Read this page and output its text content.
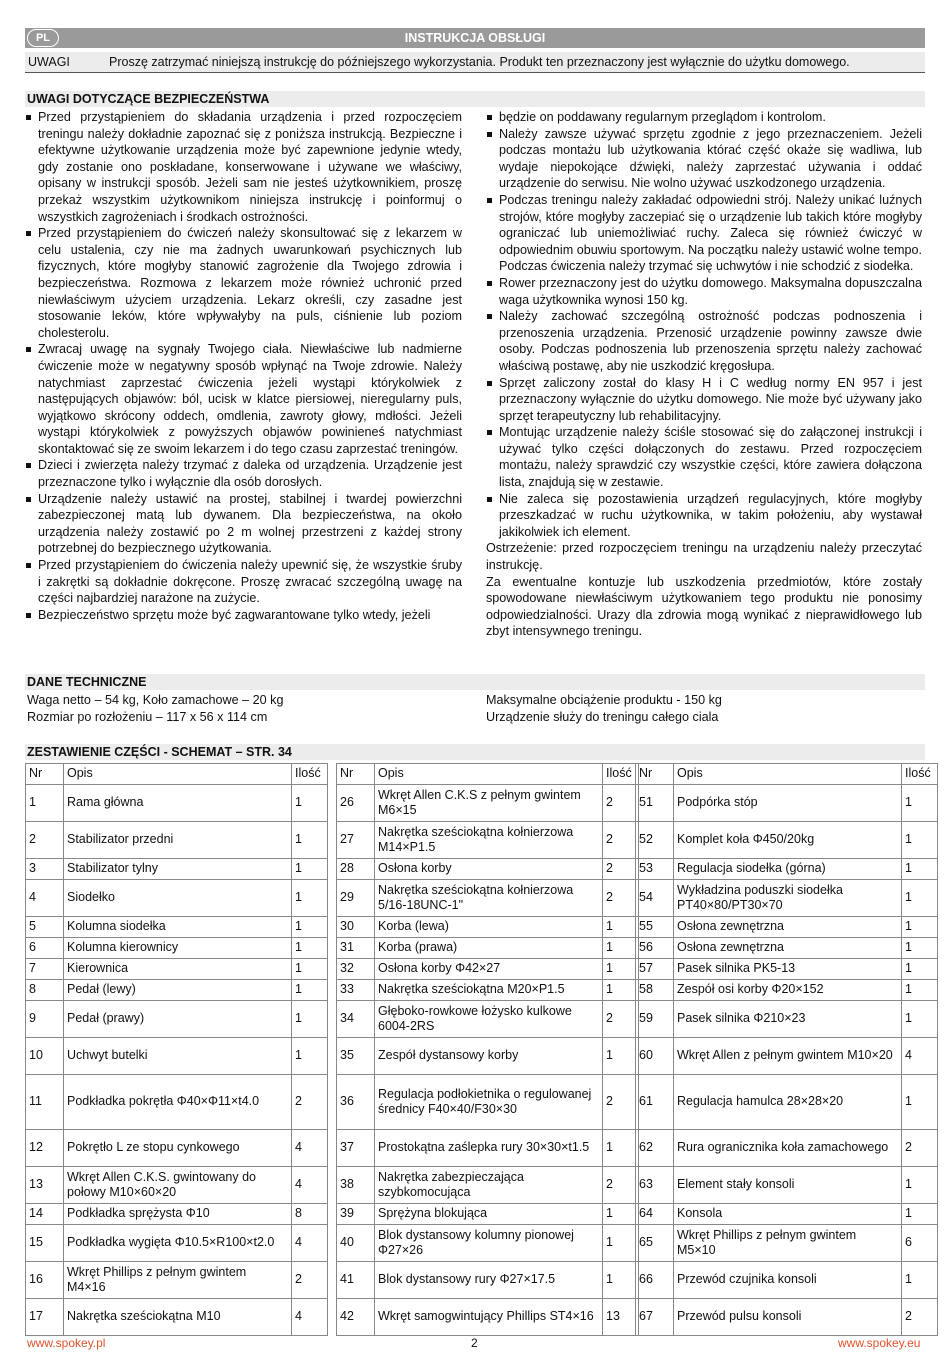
PL	INSTRUKCJA OBSŁUGI
UWAGI	Proszę zatrzymać niniejszą instrukcję do późniejszego wykorzystania. Produkt ten przeznaczony jest wyłącznie do użytku domowego.
UWAGI DOTYCZĄCE BEZPIECZEŃSTWA
Przed przystąpieniem do składania urządzenia i przed rozpoczęciem treningu należy dokładnie zapoznać się z poniższa instrukcją. Bezpieczne i efektywne użytkowanie urządzenia może być zapewnione jedynie wtedy, gdy zostanie ono poskładane, konserwowane i używane we właściwy, opisany w instrukcji sposób. Jeżeli sam nie jesteś użytkownikiem, proszę przekaż wszystkim użytkownikom niniejsza instrukcję i poinformuj o wszystkich zagrożeniach i środkach ostrożności.
Przed przystąpieniem do ćwiczeń należy skonsultować się z lekarzem w celu ustalenia, czy nie ma żadnych uwarunkowań psychicznych lub fizycznych, które mogłyby stanowić zagrożenie dla Twojego zdrowia i bezpieczeństwa. Rozmowa z lekarzem może również uchronić przed niewłaściwym użyciem urządzenia. Lekarz określi, czy zasadne jest stosowanie leków, które wpływałyby na puls, ciśnienie lub poziom cholesterolu.
Zwracaj uwagę na sygnały Twojego ciała. Niewłaściwe lub nadmierne ćwiczenie może w negatywny sposób wpłynąć na Twoje zdrowie. Należy natychmiast zaprzestać ćwiczenia jeżeli wystąpi którykolwiek z następujących objawów: ból, ucisk w klatce piersiowej, nieregularny puls, wyjątkowo skrócony oddech, omdlenia, zawroty głowy, mdłości. Jeżeli wystąpi którykolwiek z powyższych objawów powinieneś natychmiast skontaktować się ze swoim lekarzem i do tego czasu zaprzestać treningów.
Dzieci i zwierzęta należy trzymać z daleka od urządzenia. Urządzenie jest przeznaczone tylko i wyłącznie dla osób dorosłych.
Urządzenie należy ustawić na prostej, stabilnej i twardej powierzchni zabezpieczonej matą lub dywanem. Dla bezpieczeństwa, na około urządzenia należy zostawić po 2 m wolnej przestrzeni z każdej strony potrzebnej do bezpiecznego użytkowania.
Przed przystąpieniem do ćwiczenia należy upewnić się, że wszystkie śruby i zakrętki są dokładnie dokręcone. Proszę zwracać szczególną uwagę na części najbardziej narażone na zużycie.
Bezpieczeństwo sprzętu może być zagwarantowane tylko wtedy, jeżeli
będzie on poddawany regularnym przeglądom i kontrolom.
Należy zawsze używać sprzętu zgodnie z jego przeznaczeniem. Jeżeli podczas montażu lub użytkowania którać część okaże się wadliwa, lub wydaje niepokojące dźwięki, należy zaprzestać używania i oddać urządzenie do serwisu. Nie wolno używać uszkodzonego urządzenia.
Podczas treningu należy zakładać odpowiedni strój. Należy unikać luźnych strojów, które mogłyby zaczepiać się o urządzenie lub takich które mogłyby ograniczać lub uniemożliwiać ruchy. Zaleca się również ćwiczyć w odpowiednim obuwiu sportowym. Na początku należy ustawić wolne tempo. Podczas ćwiczenia należy trzymać się uchwytów i nie schodzić z siodełka.
Rower przeznaczony jest do użytku domowego. Maksymalna dopuszczalna waga użytkownika wynosi 150 kg.
Należy zachować szczególną ostrożność podczas podnoszenia i przenoszenia urządzenia. Przenosić urządzenie powinny zawsze dwie osoby. Podczas podnoszenia lub przenoszenia sprzętu należy zachować właściwą postawę, aby nie uszkodzić kręgosłupa.
Sprzęt zaliczony został do klasy H i C według normy EN 957 i jest przeznaczony wyłącznie do użytku domowego. Nie może być używany jako sprzęt terapeutyczny lub rehabilitacyjny.
Montując urządzenie należy ściśle stosować się do załączonej instrukcji i używać tylko części dołączonych do zestawu. Przed rozpoczęciem montażu, należy sprawdzić czy wszystkie części, które zawiera dołączona lista, znajdują się w zestawie.
Nie zaleca się pozostawienia urządzeń regulacyjnych, które mogłyby przeszkadzać w ruchu użytkownika, w takim położeniu, aby wystawał jakikolwiek ich element.

Ostrzeżenie: przed rozpoczęciem treningu na urządzeniu należy przeczytać instrukcję.

Za ewentualne kontuzje lub uszkodzenia przedmiotów, które zostały spowodowane niewłaściwym użytkowaniem tego produktu nie ponosimy odpowiedzialności. Urazy dla zdrowia mogą wynikać z nieprawidłowego lub zbyt intensywnego treningu.

DANE TECHNICZNE
Waga netto – 54 kg, Koło zamachowe – 20 kg
Rozmiar po rozłożeniu – 117 x 56 x 114 cm
Maksymalne obciążenie produktu - 150 kg
Urządzenie służy do treningu całego ciala
ZESTAWIENIE CZĘŚCI - SCHEMAT – STR. 34
Nr	Opis	Ilość
1	Rama główna	1
2	Stabilizator przedni	1
3	Stabilizator tylny	1
4	Siodełko	1
5	Kolumna siodełka	1
6	Kolumna kierownicy	1
7	Kierownica	1
8	Pedał (lewy)	1
9	Pedał (prawy)	1
10	Uchwyt butelki	1
11	Podkładka pokrętła Φ40×Φ11×t4.0	2
12	Pokrętło L ze stopu cynkowego	4
13	Wkręt Allen C.K.S. gwintowany do połowy M10×60×20	4
14	Podkładka sprężysta Φ10	8
15	Podkładka wygięta Φ10.5×R100×t2.0	4
16	Wkręt Phillips z pełnym gwintem M4×16	2
17	Nakrętka sześciokątna M10	4
Nr	Opis	Ilość
26	Wkręt Allen C.K.S z pełnym gwintem M6×15	2
27	Nakrętka sześciokątna kołnierzowa M14×P1.5	2
28	Osłona korby	2
29	Nakrętka sześciokątna kołnierzowa 5/16-18UNC-1"	2
30	Korba (lewa)	1
31	Korba (prawa)	1
32	Osłona korby Φ42×27	1
33	Nakrętka sześciokątna M20×P1.5	1
34	Głęboko-rowkowe łożysko kulkowe 6004-2RS	2
35	Zespół dystansowy korby	1
36	Regulacja podłokietnika o regulowanej średnicy F40×40/F30×30	2
37	Prostokątna zaślepka rury 30×30×t1.5	1
38	Nakrętka zabezpieczająca szybkomocująca	2
39	Sprężyna blokująca	1
40	Blok dystansowy kolumny pionowej Φ27×26	1
41	Blok dystansowy rury Φ27×17.5	1
42	Wkręt samogwintujący Phillips ST4×16	13
Nr	Opis	Ilość
51	Podpórka stóp	1
52	Komplet koła Φ450/20kg	1
53	Regulacja siodełka (górna)	1
54	Wykładzina poduszki siodełka PT40×80/PT30×70	1
55	Osłona zewnętrzna	1
56	Osłona zewnętrzna	1
57	Pasek silnika PK5-13	1
58	Zespół osi korby Φ20×152	1
59	Pasek silnika Φ210×23	1
60	Wkręt Allen z pełnym gwintem M10×20	4
61	Regulacja hamulca 28×28×20	1
62	Rura ogranicznika koła zamachowego	2
63	Element stały konsoli	1
64	Konsola	1
65	Wkręt Phillips z pełnym gwintem M5×10	6
66	Przewód czujnika konsoli	1
67	Przewód pulsu konsoli	2
www.spokey.pl	2	www.spokey.eu
